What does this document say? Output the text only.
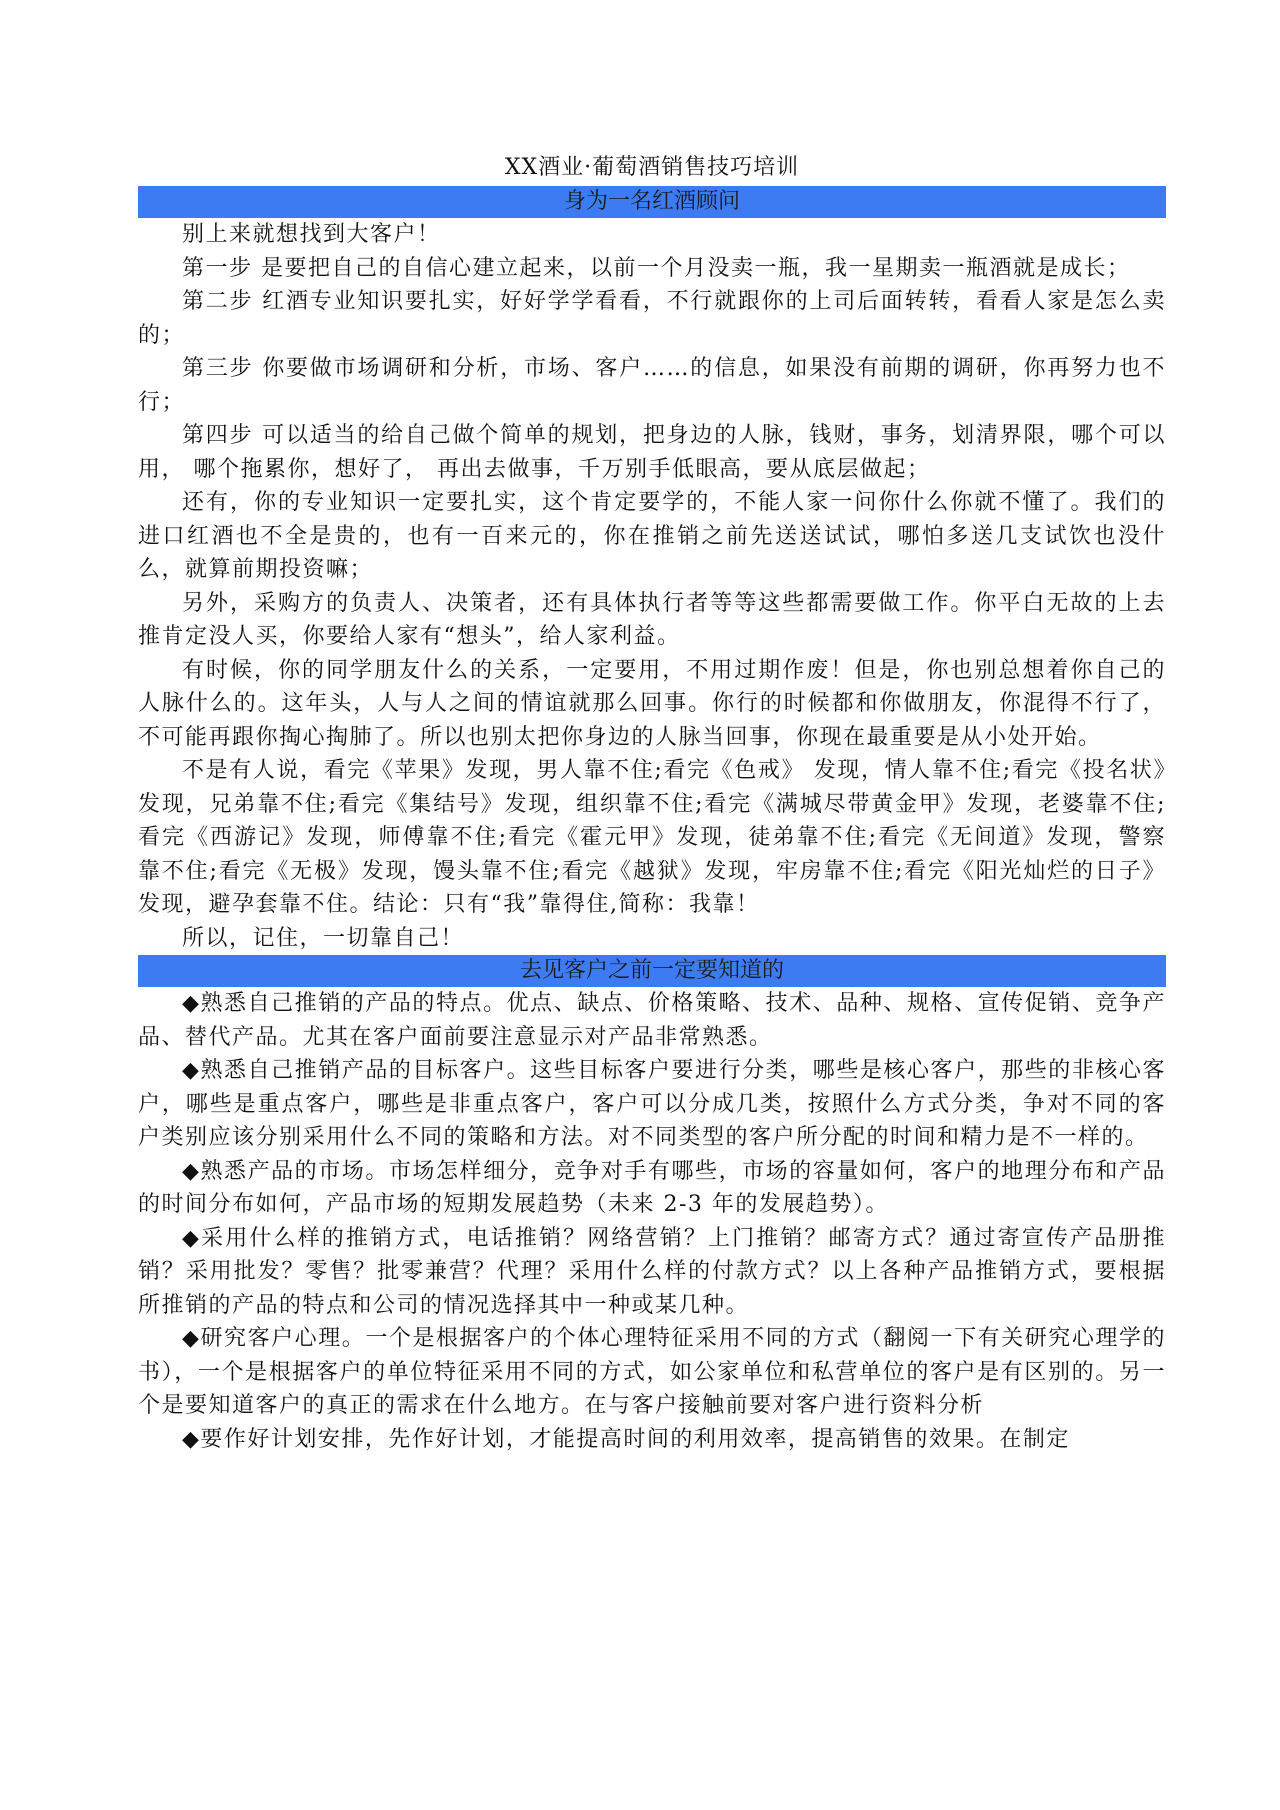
XX酒业·葡萄酒销售技巧培训
身为一名红酒顾问

别上来就想找到大客户！

第一步 是要把自己的自信心建立起来，以前一个月没卖一瓶，我一星期卖一瓶酒就是成长；

第二步 红酒专业知识要扎实，好好学学看看，不行就跟你的上司后面转转，看看人家是怎么卖的；

第三步 你要做市场调研和分析，市场、客户……的信息，如果没有前期的调研，你再努力也不行；

第四步 可以适当的给自己做个简单的规划，把身边的人脉，钱财，事务，划清界限，哪个可以用， 哪个拖累你，想好了， 再出去做事，千万别手低眼高，要从底层做起；

还有，你的专业知识一定要扎实，这个肯定要学的，不能人家一问你什么你就不懂了。我们的进口红酒也不全是贵的，也有一百来元的，你在推销之前先送送试试，哪怕多送几支试饮也没什么，就算前期投资嘛；

另外，采购方的负责人、决策者，还有具体执行者等等这些都需要做工作。你平白无故的上去推肯定没人买，你要给人家有“想头”，给人家利益。

有时候，你的同学朋友什么的关系，一定要用，不用过期作废！但是，你也别总想着你自己的人脉什么的。这年头，人与人之间的情谊就那么回事。你行的时候都和你做朋友，你混得不行了，不可能再跟你掏心掏肺了。所以也别太把你身边的人脉当回事，你现在最重要是从小处开始。

不是有人说，看完《苹果》发现，男人靠不住;看完《色戒》 发现，情人靠不住;看完《投名状》发现，兄弟靠不住;看完《集结号》发现，组织靠不住;看完《满城尽带黄金甲》发现，老婆靠不住;看完《西游记》发现，师傅靠不住;看完《霍元甲》发现，徒弟靠不住;看完《无间道》发现，警察靠不住;看完《无极》发现，馒头靠不住;看完《越狱》发现，牢房靠不住;看完《阳光灿烂的日子》发现，避孕套靠不住。结论：只有“我”靠得住,简称：我靠！

所以，记住，一切靠自己！

去见客户之前一定要知道的

◆熟悉自己推销的产品的特点。优点、缺点、价格策略、技术、品种、规格、宣传促销、竞争产品、替代产品。尤其在客户面前要注意显示对产品非常熟悉。

◆熟悉自己推销产品的目标客户。这些目标客户要进行分类，哪些是核心客户，那些的非核心客户，哪些是重点客户，哪些是非重点客户，客户可以分成几类，按照什么方式分类，争对不同的客户类别应该分别采用什么不同的策略和方法。对不同类型的客户所分配的时间和精力是不一样的。

◆熟悉产品的市场。市场怎样细分，竞争对手有哪些，市场的容量如何，客户的地理分布和产品的时间分布如何，产品市场的短期发展趋势（未来 2-3 年的发展趋势）。

◆采用什么样的推销方式，电话推销？网络营销？上门推销？邮寄方式？通过寄宣传产品册推销？采用批发？零售？批零兼营？代理？采用什么样的付款方式？以上各种产品推销方式，要根据所推销的产品的特点和公司的情况选择其中一种或某几种。

◆研究客户心理。一个是根据客户的个体心理特征采用不同的方式（翻阅一下有关研究心理学的书），一个是根据客户的单位特征采用不同的方式，如公家单位和私营单位的客户是有区别的。另一个是要知道客户的真正的需求在什么地方。在与客户接触前要对客户进行资料分析

◆要作好计划安排，先作好计划，才能提高时间的利用效率，提高销售的效果。在制定
